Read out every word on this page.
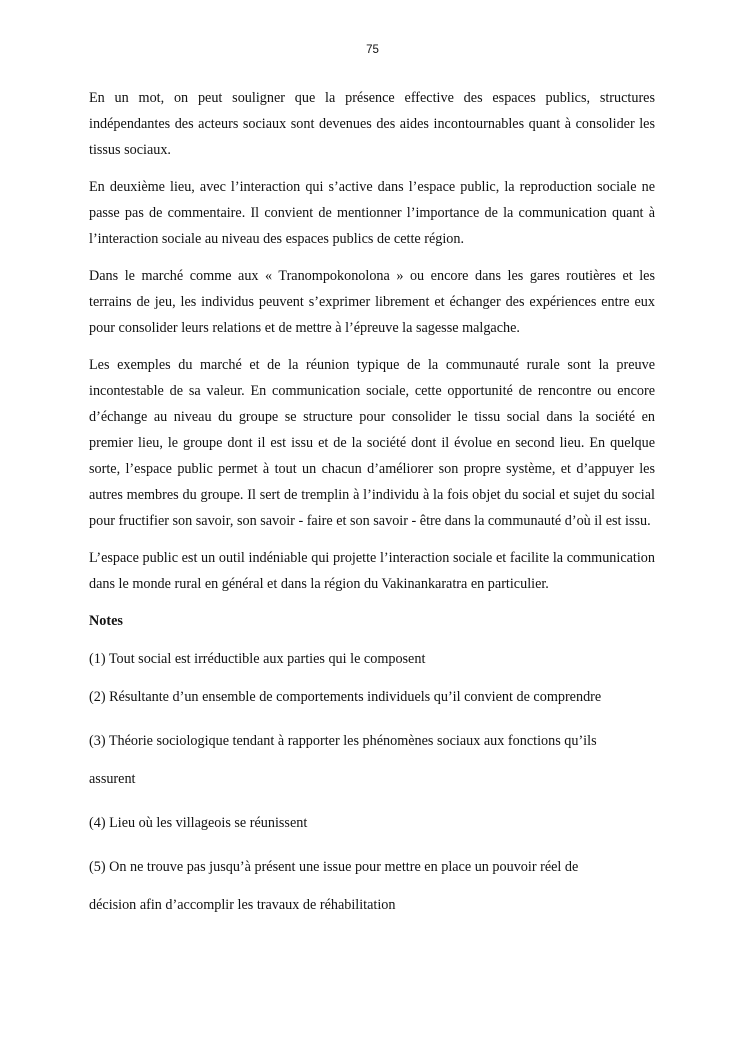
75

En un mot, on peut souligner que la présence effective des espaces publics, structures indépendantes des acteurs sociaux sont devenues des aides incontournables quant à consolider les tissus sociaux.

En deuxième lieu, avec l’interaction qui s’active dans l’espace public, la reproduction sociale ne passe pas de commentaire. Il convient de mentionner l’importance de la communication quant à l’interaction sociale au niveau des espaces publics de cette région.

Dans le marché comme aux « Tranompokonolona » ou encore dans les gares routières et les terrains de jeu, les individus peuvent s’exprimer librement et échanger des expériences entre eux pour consolider leurs relations et de mettre à l’épreuve la sagesse malgache.

Les exemples du marché et de la réunion typique de la communauté rurale sont la preuve incontestable de sa valeur. En communication sociale, cette opportunité de rencontre ou encore d’échange au niveau du groupe se structure pour consolider le tissu social dans la société en premier lieu, le groupe dont il est issu et de la société dont il évolue en second lieu. En quelque sorte, l’espace public permet à tout un chacun d’améliorer son propre système, et d’appuyer les autres membres du groupe. Il sert de tremplin à l’individu à la fois objet du social et sujet du social pour fructifier son savoir, son savoir - faire et son savoir - être dans la communauté d’où il est issu.

L’espace public est un outil indéniable qui projette l’interaction sociale et facilite la communication dans le monde rural en général et dans la région du Vakinankaratra en particulier.

Notes

(1) Tout social est irréductible aux parties qui le composent

(2) Résultante d’un ensemble de comportements individuels qu’il convient de comprendre

(3) Théorie sociologique tendant à rapporter les phénomènes sociaux aux fonctions qu’ils
assurent

(4) Lieu où les villageois se réunissent

(5) On ne trouve pas jusqu’à présent une issue pour mettre en place un pouvoir réel de
décision afin d’accomplir les travaux de réhabilitation
